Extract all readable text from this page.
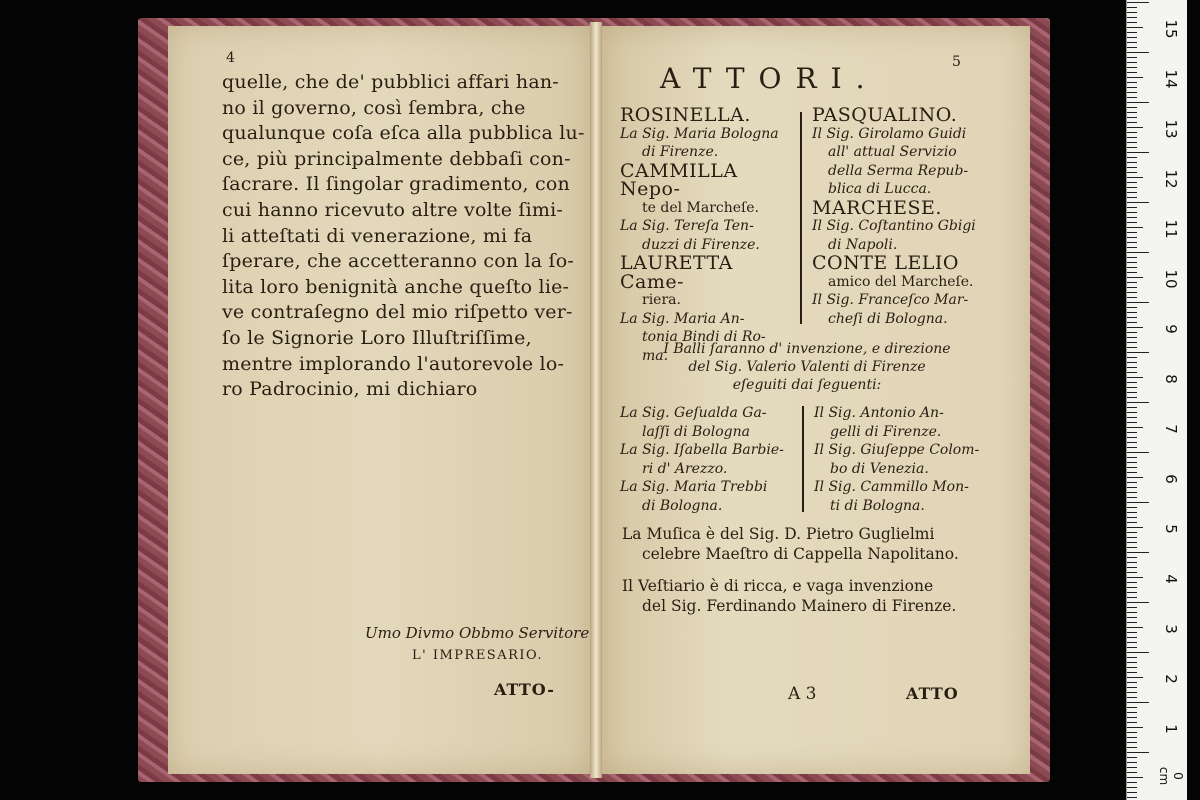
4
quelle, che de' pubblici affari han-
no il governo, così ſembra, che
qualunque coſa eſca alla pubblica lu-
ce, più principalmente debbaſi con-
ſacrare. Il ſingolar gradimento, con
cui hanno ricevuto altre volte ſimi-
li atteſtati di venerazione, mi fa
ſperare, che accetteranno con la ſo-
lita loro benignità anche queſto lie-
ve contraſegno del mio riſpetto ver-
ſo le Signorie Loro Illuſtriſſime,
mentre implorando l'autorevole lo-
ro Padrocinio, mi dichiaro
Umo Divmo Obbmo Servitore
L' IMPRESARIO.
ATTO-
ATTORI.	5
ROSINELLA.
La Sig. Maria Bologna
di Firenze.
CAMMILLA Nepo-
te del Marcheſe.
La Sig. Tereſa Ten-
duzzi di Firenze.
LAURETTA Came-
riera.
La Sig. Maria An-
tonia Bindi di Ro-
ma.
PASQUALINO.
Il Sig. Girolamo Guidi
all' attual Servizio
della Serma Repub-
blica di Lucca.
MARCHESE.
Il Sig. Coſtantino Gbigi
di Napoli.
CONTE LELIO
amico del Marcheſe.
Il Sig. Franceſco Mar-
cheſi di Bologna.
I Balli ſaranno d' invenzione, e direzione
del Sig. Valerio Valenti di Firenze
eſeguiti dai ſeguenti:
La Sig. Geſualda Ga-
laſſi di Bologna
La Sig. Iſabella Barbie-
ri d' Arezzo.
La Sig. Maria Trebbi
di Bologna.
Il Sig. Antonio An-
gelli di Firenze.
Il Sig. Giuſeppe Colom-
bo di Venezia.
Il Sig. Cammillo Mon-
ti di Bologna.
La Muſica è del Sig. D. Pietro Guglielmi
celebre Maeſtro di Cappella Napolitano.
Il Veſtiario è di ricca, e vaga invenzione
del Sig. Ferdinando Mainero di Firenze.
A 3	ATTO
15
14
13
12
11
10
9
8
7
6
5
4
3
2
1
0 cm
